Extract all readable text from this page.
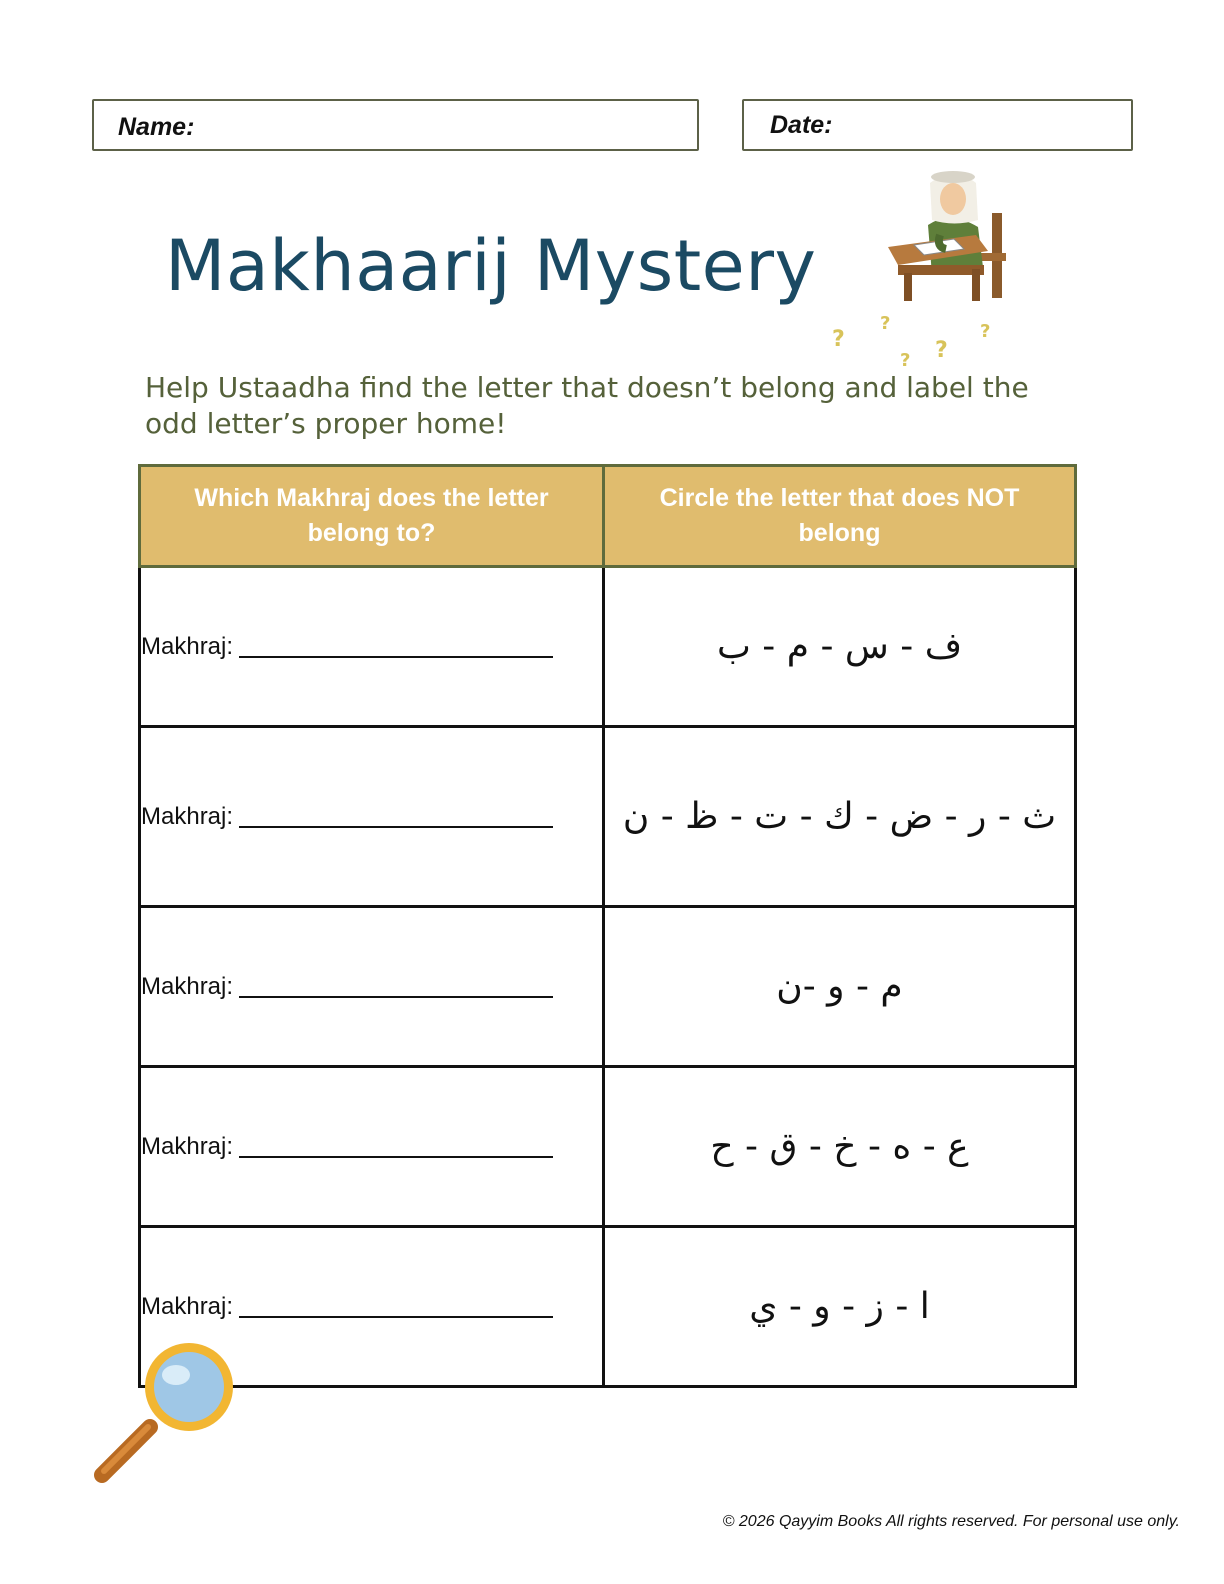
Name:	Date:
Makhaarij Mystery
?
?
? ?
?
Help Ustaadha find the letter that doesn’t belong and label the odd letter’s proper home!
Which Makhraj does the letter belong to?	Circle the letter that does NOT belong
Makhraj:	ف - س - م - ب
Makhraj:	ث - ر - ض - ك - ت - ظ - ن
Makhraj:	م - و -ن
Makhraj:	ع - ه - خ - ق - ح
Makhraj:	ا - ز - و - ي
© 2026 Qayyim Books All rights reserved. For personal use only.
